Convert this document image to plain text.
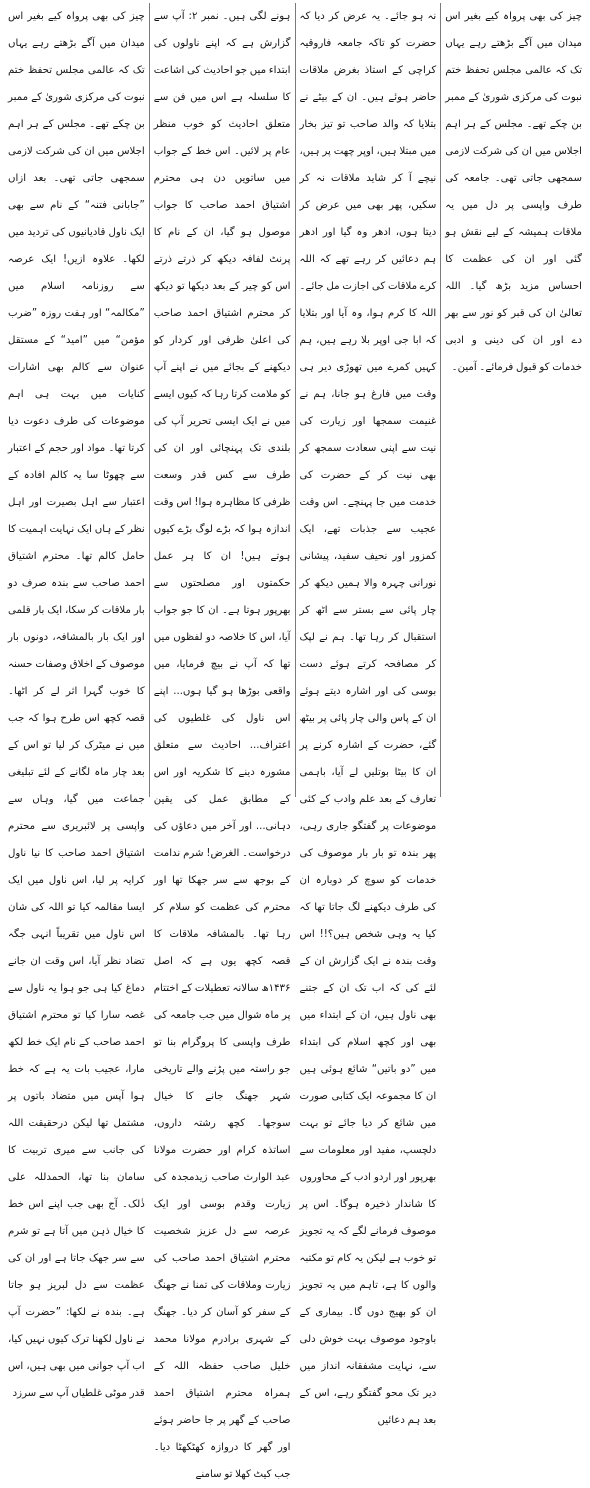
چیز کی بھی پرواہ کیے بغیر اس میدان میں آگے بڑھتے رہے یہاں تک کہ عالمی مجلس تحفظ ختم نبوت کی مرکزی شوریٰ کے ممبر بن چکے تھے۔ مجلس کے ہر اہم اجلاس میں ان کی شرکت لازمی سمجھی جاتی تھی۔ بعد ازاں ”جابانی فتنہ“ کے نام سے بھی ایک ناول قادیانیوں کی تردید میں لکھا۔ علاوہ ازیں! ایک عرصہ سے روزنامہ اسلام میں ”مکالمہ“ اور ہفت روزہ ”ضرب مؤمن“ میں ”امید“ کے مستقل عنوان سے کالم بھی اشارات کنایات میں بہت ہی اہم موضوعات کی طرف دعوت دیا کرتا تھا۔ مواد اور حجم کے اعتبار سے چھوٹا سا یہ کالم افادہ کے اعتبار سے اہل بصیرت اور اہل نظر کے ہاں ایک نہایت اہمیت کا حامل کالم تھا۔ محترم اشتیاق احمد صاحب سے بندہ صرف دو بار ملاقات کر سکا، ایک بار قلمی اور ایک بار بالمشافہ، دونوں بار موصوف کے اخلاق وصفات حسنہ کا خوب گہرا اثر لے کر اٹھا۔ قصہ کچھ اس طرح ہوا کہ جب میں نے میٹرک کر لیا تو اس کے بعد چار ماہ لگانے کے لئے تبلیغی جماعت میں گیا، وہاں سے واپسی پر لائبریری سے محترم اشتیاق احمد صاحب کا نیا ناول کرایہ پر لیا، اس ناول میں ایک ایسا مقالمہ کیا تو اللہ کی شان اس ناول میں تقریباً انہی جگہ تضاد نظر آیا، اس وقت ان جانے دماغ کیا ہی جو ہوا یہ ناول سے غصہ سارا کیا تو محترم اشتیاق احمد صاحب کے نام ایک خط لکھ مارا، عجیب بات یہ ہے کہ خط ہوا آپس میں متضاد باتوں پر مشتمل تھا لیکن درحقیقت اللہ کی جانب سے میری تربیت کا سامان بنا تھا، الحمدللہ علی ذٰلک۔ آج بھی جب اپنے اس خط کا خیال ذہن میں آتا ہے تو شرم سے سر جھک جاتا ہے اور ان کی عظمت سے دل لبریز ہو جاتا ہے۔ بندہ نے لکھا: ”حضرت آپ نے ناول لکھنا ترک کیوں نہیں کیا، اب آپ جوانی میں بھی ہیں، اس قدر موٹی غلطیاں آپ سے سرزد

ہونے لگی ہیں۔ نمبر ۲: آپ سے گزارش ہے کہ اپنے ناولوں کی ابتداء میں جو احادیث کی اشاعت کا سلسلہ ہے اس میں فن سے متعلق احادیث کو خوب منظر عام پر لائیں۔ اس خط کے جواب میں ساتویں دن ہی محترم اشتیاق احمد صاحب کا جواب موصول ہو گیا، ان کے نام کا پرنٹ لفافہ دیکھ کر ذرتے ذرتے اس کو چیر کے بعد دیکھا تو دیکھ کر محترم اشتیاق احمد صاحب کی اعلیٰ ظرفی اور کردار کو دیکھنے کے بجائے میں نے اپنے آپ کو ملامت کرتا رہا کہ کیوں ایسے میں نے ایک ایسی تحریر آپ کی بلندی تک پہنچائی اور ان کی طرف سے کس قدر وسعت ظرفی کا مظاہرہ ہوا! اس وقت اندازہ ہوا کہ بڑے لوگ بڑے کیوں ہوتے ہیں! ان کا ہر عمل حکمتوں اور مصلحتوں سے بھرپور ہوتا ہے۔ ان کا جو جواب آیا، اس کا خلاصہ دو لفظوں میں تھا کہ آپ نے بیچ فرمایا، میں واقعی بوڑھا ہو گیا ہوں... اپنے اس ناول کی غلطیوں کی اعتراف... احادیث سے متعلق مشورہ دینے کا شکریہ اور اس کے مطابق عمل کی یقین دہانی... اور آخر میں دعاؤں کی درخواست۔ الغرض! شرم ندامت کے بوجھ سے سر جھکا تھا اور محترم کی عظمت کو سلام کر رہا تھا۔ بالمشافہ ملاقات کا قصہ کچھ یوں ہے کہ اصل ۱۴۳۶ھ سالانہ تعطیلات کے اختتام پر ماہ شوال میں جب جامعہ کی طرف واپسی کا پروگرام بنا تو جو راستہ میں پڑنے والے تاریخی شہر جھنگ جانے کا خیال سوجھا۔ کچھ رشتہ داروں، اساتذہ کرام اور حضرت مولانا عبد الوارث صاحب زیدمجدہ کی زیارت وقدم بوسی اور ایک عرصہ سے دل عزیز شخصیت محترم اشتیاق احمد صاحب کی زیارت وملاقات کی تمنا نے جھنگ کے سفر کو آسان کر دیا۔ جھنگ کے شہری برادرم مولانا محمد خلیل صاحب حفظہ اللہ کے ہمراہ محترم اشتیاق احمد صاحب کے گھر پر جا حاضر ہوئے اور گھر کا دروازہ کھٹکھٹا دیا۔ جب کیٹ کھلا تو سامنے

نہ ہو جائے۔ یہ عرض کر دیا کہ حضرت کو تاکہ جامعہ فاروقیہ کراچی کے استاذ بغرض ملاقات حاضر ہوئے ہیں۔ ان کے بیٹے نے بتلایا کہ والد صاحب تو تیز بخار میں مبتلا ہیں، اوپر چھت پر ہیں، نیچے آ کر شاید ملاقات نہ کر سکیں، پھر بھی میں عرض کر دیتا ہوں، ادھر وہ گیا اور ادھر ہم دعائیں کر رہے تھے کہ اللہ کرے ملاقات کی اجازت مل جائے۔ اللہ کا کرم ہوا، وہ آیا اور بتلایا کہ ابا جی اوپر بلا رہے ہیں، ہم کہیں کمرے میں تھوڑی دیر ہی وقت میں فارغ ہو جانا، ہم نے غنیمت سمجھا اور زیارت کی نیت سے اپنی سعادت سمجھ کر بھی نیت کر کے حضرت کی خدمت میں جا پہنچے۔ اس وقت عجیب سے جذبات تھے، ایک کمزور اور نحیف سفید، پیشانی نورانی چہرہ والا ہمیں دیکھ کر چار پائی سے بستر سے اٹھ کر استقبال کر رہا تھا۔ ہم نے لپک کر مصافحہ کرتے ہوئے دست بوسی کی اور اشارہ دیتے ہوئے ان کے پاس والی چار پائی پر بیٹھ گئے، حضرت کے اشارہ کرنے پر ان کا بیٹا بوتلیں لے آیا، باہمی تعارف کے بعد علم وادب کے کئی موضوعات پر گفتگو جاری رہی، پھر بندہ تو بار بار موصوف کی خدمات کو سوچ کر دوبارہ ان کی طرف دیکھنے لگ جاتا تھا کہ کیا یہ وہی شخص ہیں؟!! اس وقت بندہ نے ایک گزارش ان کے لئے کی کہ اب تک ان کے جتنے بھی ناول ہیں، ان کے ابتداء میں بھی اور کچھ اسلام کی ابتداء میں ”دو باتیں“ شائع ہوئی ہیں ان کا مجموعہ ایک کتابی صورت میں شائع کر دیا جائے تو بہت دلچسپ، مفید اور معلومات سے بھرپور اور اردو ادب کے محاوروں کا شاندار ذخیرہ ہوگا۔ اس پر موصوف فرمانے لگے کہ یہ تجویز تو خوب ہے لیکن یہ کام تو مکتبہ والوں کا ہے، تاہم میں یہ تجویز ان کو بھیج دوں گا۔ بیماری کے باوجود موصوف بہت خوش دلی سے، نہایت مشفقانہ انداز میں دیر تک محو گفتگو رہے، اس کے بعد ہم دعائیں

چیز کی بھی پرواہ کیے بغیر اس میدان میں آگے بڑھتے رہے یہاں تک کہ عالمی مجلس تحفظ ختم نبوت کی مرکزی شوریٰ کے ممبر بن چکے تھے۔ مجلس کے ہر اہم اجلاس میں ان کی شرکت لازمی سمجھی جاتی تھی۔ جامعہ کی طرف واپسی پر دل میں یہ ملاقات ہمیشہ کے لیے نقش ہو گئی اور ان کی عظمت کا احساس مزید بڑھ گیا۔ اللہ تعالیٰ ان کی قبر کو نور سے بھر دے اور ان کی دینی و ادبی خدمات کو قبول فرمائے۔ آمین۔
